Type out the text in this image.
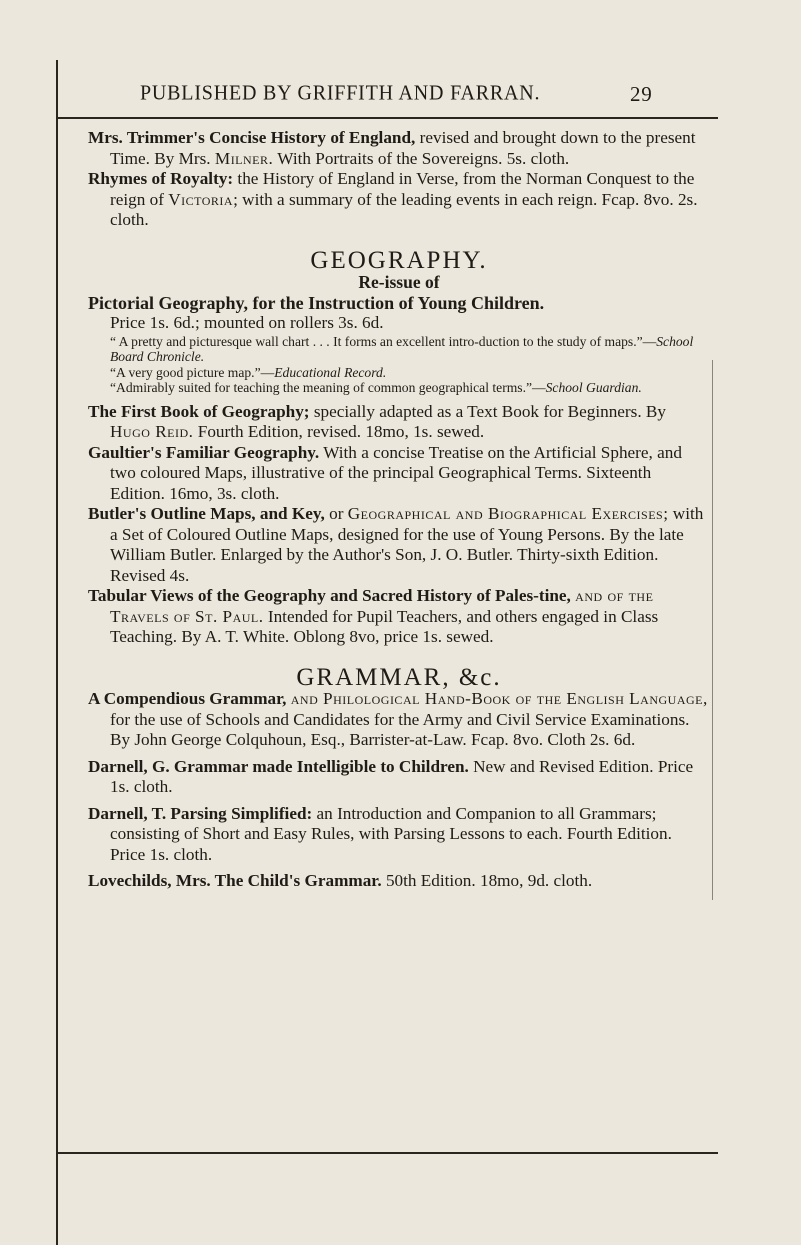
PUBLISHED BY GRIFFITH AND FARRAN.	29
Mrs. Trimmer's Concise History of England, revised and brought down to the present Time. By Mrs. Milner. With Portraits of the Sovereigns. 5s. cloth.
Rhymes of Royalty: the History of England in Verse, from the Norman Conquest to the reign of Victoria; with a summary of the leading events in each reign. Fcap. 8vo. 2s. cloth.
GEOGRAPHY.
Re-issue of
Pictorial Geography, for the Instruction of Young Children.
Price 1s. 6d.; mounted on rollers 3s. 6d.
“ A pretty and picturesque wall chart . . . It forms an excellent intro-duction to the study of maps.”—School Board Chronicle.
“A very good picture map.”—Educational Record.
“Admirably suited for teaching the meaning of common geographical terms.”—School Guardian.
The First Book of Geography; specially adapted as a Text Book for Beginners. By Hugo Reid. Fourth Edition, revised. 18mo, 1s. sewed.
Gaultier's Familiar Geography. With a concise Treatise on the Artificial Sphere, and two coloured Maps, illustrative of the principal Geographical Terms. Sixteenth Edition. 16mo, 3s. cloth.
Butler's Outline Maps, and Key, or Geographical and Biographical Exercises; with a Set of Coloured Outline Maps, designed for the use of Young Persons. By the late William Butler. Enlarged by the Author's Son, J. O. Butler. Thirty-sixth Edition. Revised 4s.
Tabular Views of the Geography and Sacred History of Pales-tine, and of the Travels of St. Paul. Intended for Pupil Teachers, and others engaged in Class Teaching. By A. T. White. Oblong 8vo, price 1s. sewed.
GRAMMAR, &c.
A Compendious Grammar, and Philological Hand-Book of the English Language, for the use of Schools and Candidates for the Army and Civil Service Examinations. By John George Colquhoun, Esq., Barrister-at-Law. Fcap. 8vo. Cloth 2s. 6d.
Darnell, G. Grammar made Intelligible to Children. New and Revised Edition. Price 1s. cloth.
Darnell, T. Parsing Simplified: an Introduction and Companion to all Grammars; consisting of Short and Easy Rules, with Parsing Lessons to each. Fourth Edition. Price 1s. cloth.
Lovechilds, Mrs. The Child's Grammar. 50th Edition. 18mo, 9d. cloth.
